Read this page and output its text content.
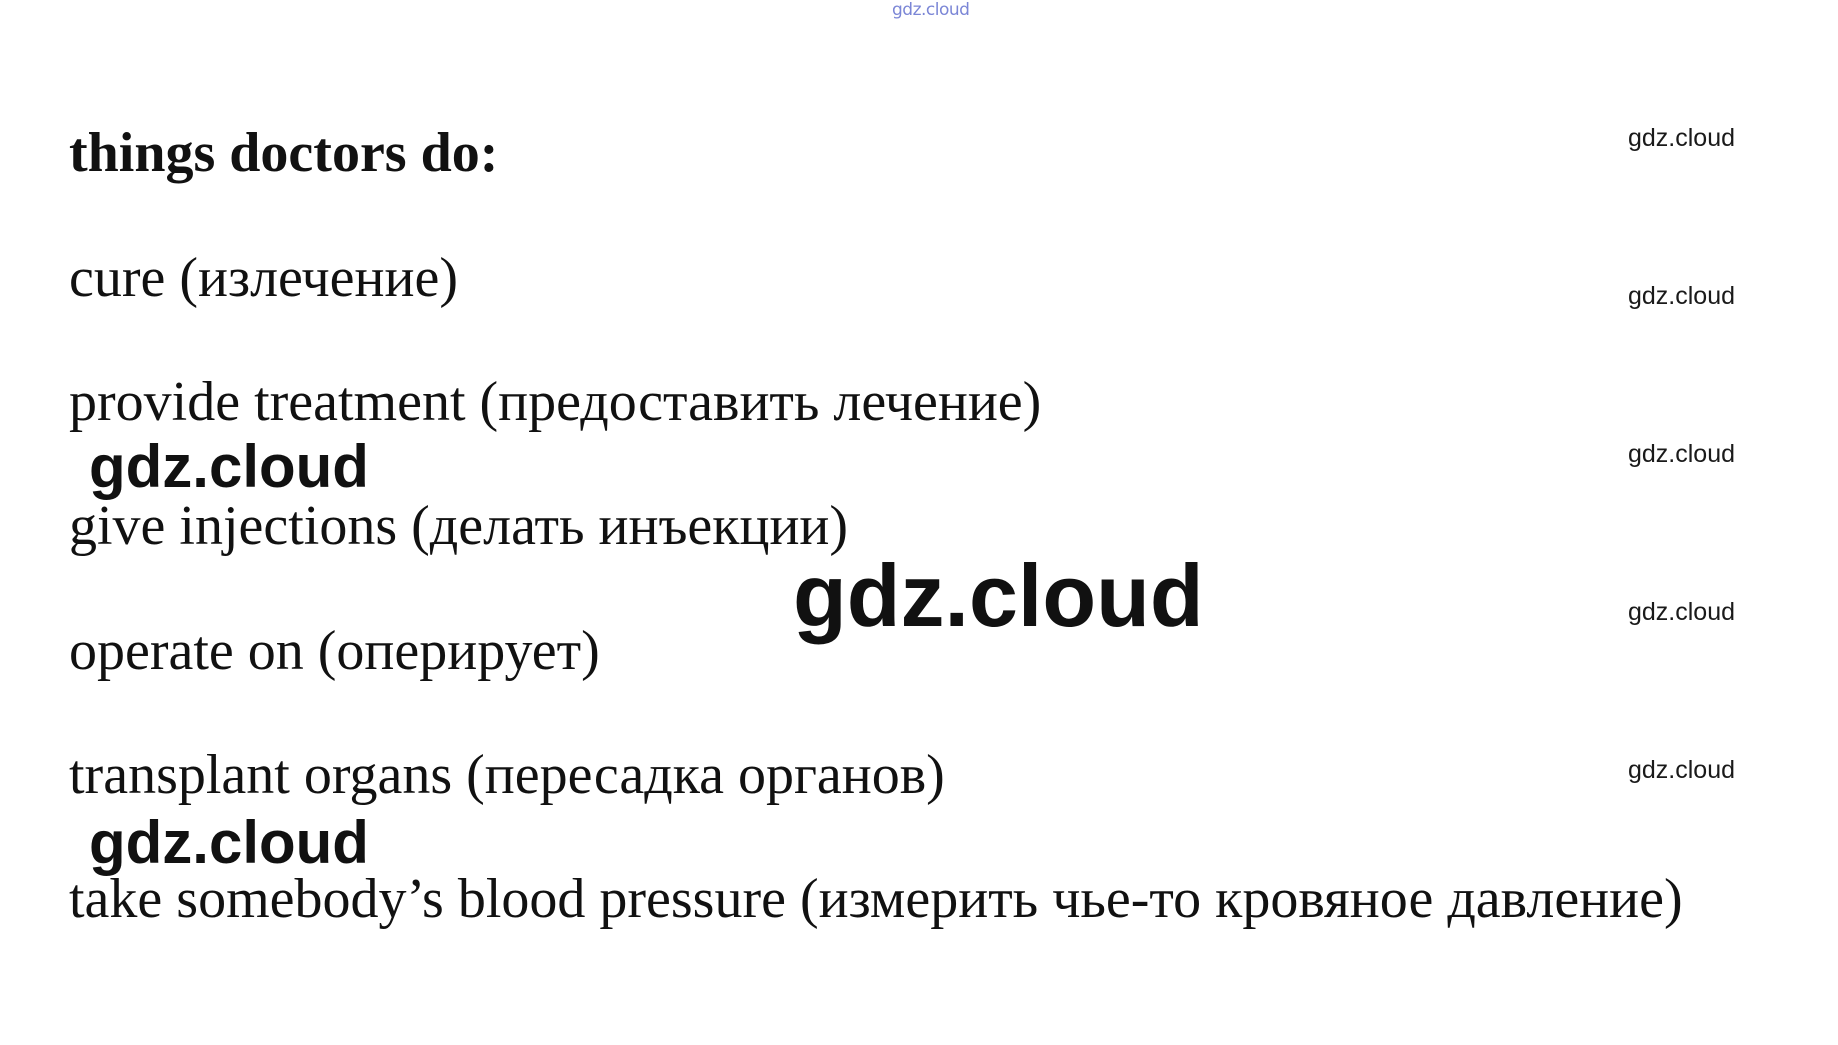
gdz.cloud
things doctors do:
cure (излечение)
provide treatment (предоставить лечение)
give injections (делать инъекции)
operate on (оперирует)
transplant organs (пересадка органов)
take somebody’s blood pressure (измерить чье-то кровяное давление)
gdz.cloud
gdz.cloud
gdz.cloud
gdz.cloud
gdz.cloud
gdz.cloud
gdz.cloud
gdz.cloud
